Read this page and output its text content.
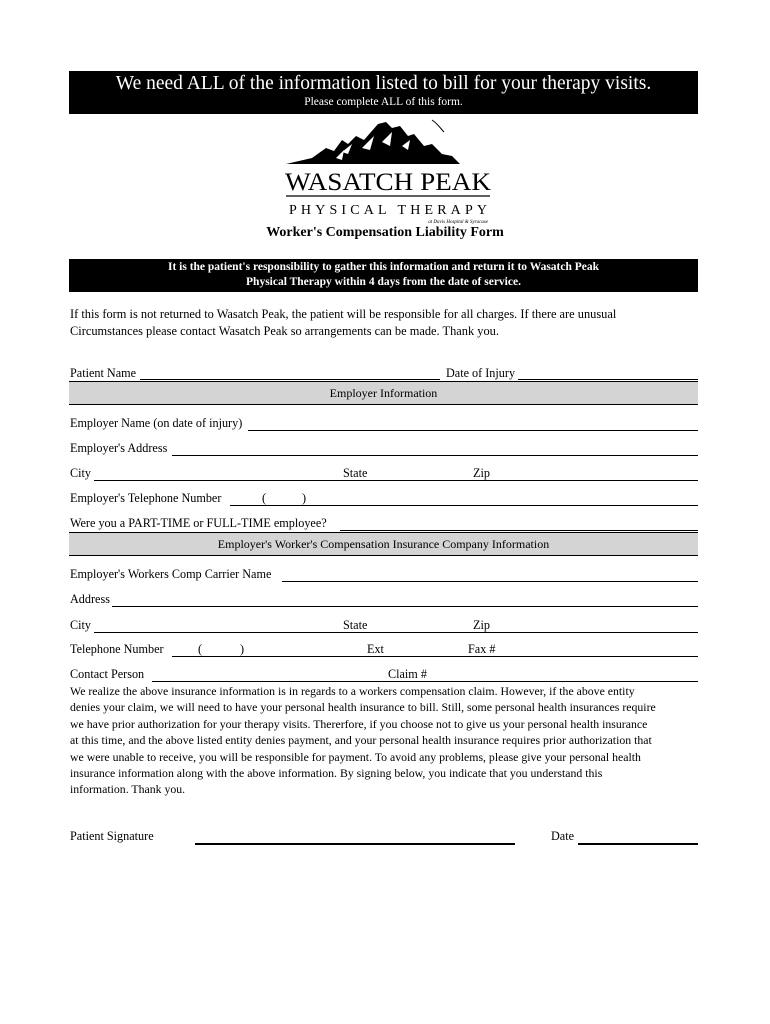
We need ALL of the information listed to bill for your therapy visits.
Please complete ALL of this form.
WASATCH PEAK
PHYSICAL THERAPY
at Davis Hospital & Syracuse
Worker's Compensation Liability Form
It is the patient's responsibility to gather this information and return it to Wasatch Peak
Physical Therapy within 4 days from the date of service.
If this form is not returned to Wasatch Peak, the patient will be responsible for all charges. If there are unusual
Circumstances please contact Wasatch Peak so arrangements can be made. Thank you.
Patient Name	Date of Injury
Employer Information
Employer Name (on date of injury)
Employer's Address
City	State	Zip
Employer's Telephone Number	(	)
Were you a PART-TIME or FULL-TIME employee?
Employer's Worker's Compensation Insurance Company Information
Employer's Workers Comp Carrier Name
Address
City	State	Zip
Telephone Number	(	)	Ext	Fax #
Contact Person	Claim #
We realize the above insurance information is in regards to a workers compensation claim. However, if the above entity
denies your claim, we will need to have your personal health insurance to bill. Still, some personal health insurances require
we have prior authorization for your therapy visits. Thererfore, if you choose not to give us your personal health insurance
at this time, and the above listed entity denies payment, and your personal health insurance requires prior authorization that
we were unable to receive, you will be responsible for payment. To avoid any problems, please give your personal health
insurance information along with the above information. By signing below, you indicate that you understand this
information. Thank you.
Patient Signature	Date
